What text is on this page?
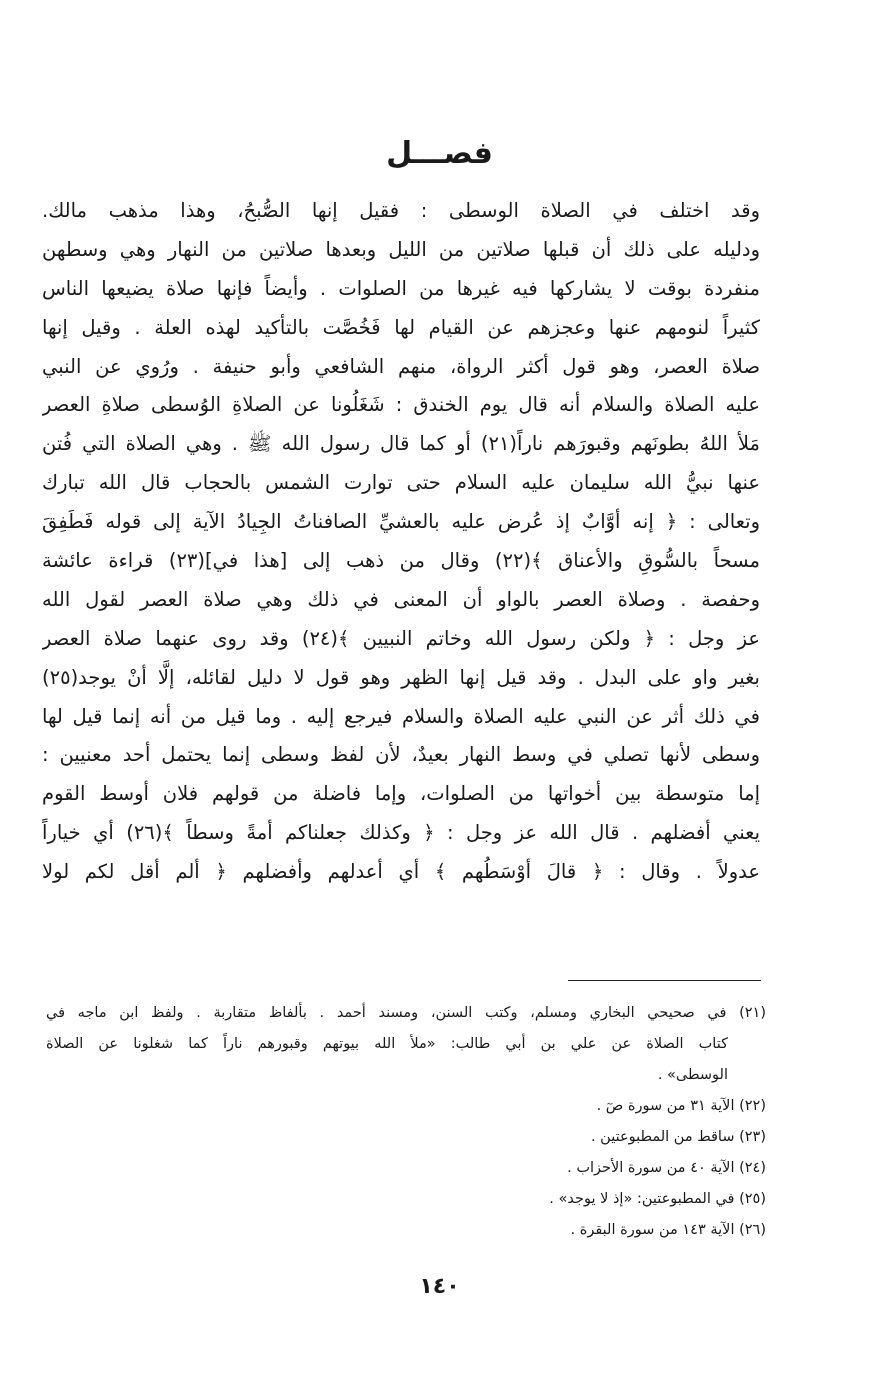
فصـــل
وقد اختلف في الصلاة الوسطى : فقيل إنها الصُّبحُ، وهذا مذهب مالك.
ودليله على ذلك أن قبلها صلاتين من الليل وبعدها صلاتين من النهار وهي وسطهن
منفردة بوقت لا يشاركها فيه غيرها من الصلوات . وأيضاً فإنها صلاة يضيعها الناس
كثيراً لنومهم عنها وعجزهم عن القيام لها فَخُصَّت بالتأكيد لهذه العلة . وقيل إنها
صلاة العصر، وهو قول أكثر الرواة، منهم الشافعي وأبو حنيفة . ورُوي عن النبي
عليه الصلاة والسلام أنه قال يوم الخندق : شَغَلُونا عن الصلاةِ الوُسطى صلاةِ العصر
مَلأ اللهُ بطونَهم وقبورَهم ناراً(٢١) أو كما قال رسول الله ﷺ . وهي الصلاة التي فُتن
عنها نبيُّ الله سليمان عليه السلام حتى توارت الشمس بالحجاب قال الله تبارك
وتعالى : ﴿ إنه أوَّابٌ إذ عُرض عليه بالعشيِّ الصافناتُ الجِيادُ الآية إلى قوله فَطَفِقَ
مسحاً بالسُّوقِ والأعناق ﴾(٢٢) وقال من ذهب إلى [هذا في](٢٣) قراءة عائشة
وحفصة . وصلاة العصر بالواو أن المعنى في ذلك وهي صلاة العصر لقول الله
عز وجل : ﴿ ولكن رسول الله وخاتم النبيين ﴾(٢٤) وقد روى عنهما صلاة العصر
بغير واو على البدل . وقد قيل إنها الظهر وهو قول لا دليل لقائله، إلَّا أنْ يوجد(٢٥)
في ذلك أثر عن النبي عليه الصلاة والسلام فيرجع إليه . وما قيل من أنه إنما قيل لها
وسطى لأنها تصلي في وسط النهار بعيدٌ، لأن لفظ وسطى إنما يحتمل أحد معنيين :
إما متوسطة بين أخواتها من الصلوات، وإما فاضلة من قولهم فلان أوسط القوم
يعني أفضلهم . قال الله عز وجل : ﴿ وكذلك جعلناكم أمةً وسطاً ﴾(٢٦) أي خياراً
عدولاً . وقال : ﴿ قالَ أوْسَطُهم ﴾ أي أعدلهم وأفضلهم ﴿ ألم أقل لكم لولا
(٢١) في صحيحي البخاري ومسلم، وكتب السنن، ومسند أحمد . بألفاظ متقاربة . ولفظ ابن ماجه في
كتاب الصلاة عن علي بن أبي طالب: «ملأ الله بيوتهم وقبورهم ناراً كما شغلونا عن الصلاة
الوسطى» .
(٢٢) الآية ٣١ من سورة صٓ .
(٢٣) ساقط من المطبوعتين .
(٢٤) الآية ٤٠ من سورة الأحزاب .
(٢٥) في المطبوعتين: «إذ لا يوجد» .
(٢٦) الآية ١٤٣ من سورة البقرة .
١٤٠
